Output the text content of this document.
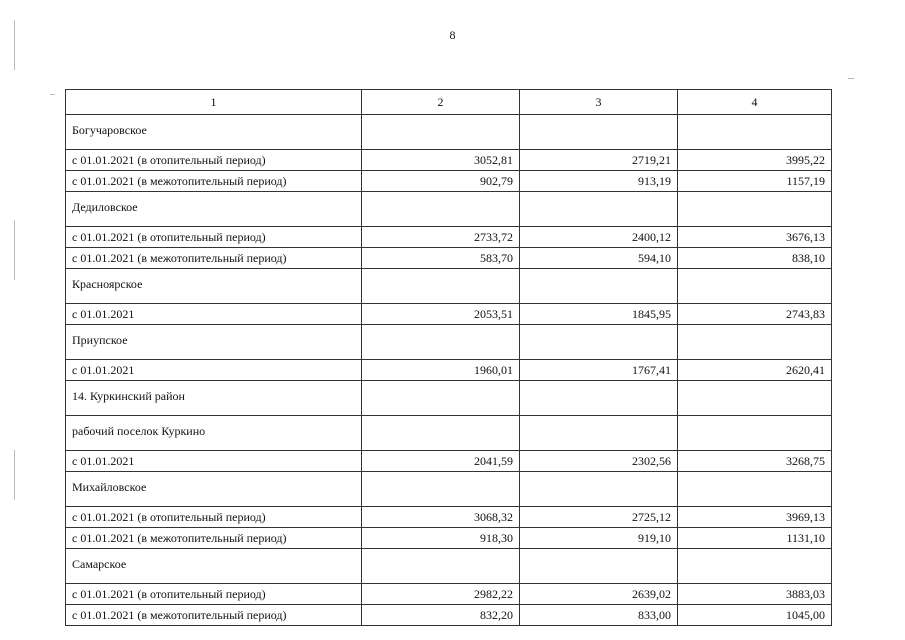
8
1	2	3	4
Богучаровское			
с 01.01.2021 (в отопительный период)	3052,81	2719,21	3995,22
с 01.01.2021 (в межотопительный период)	902,79	913,19	1157,19
Дедиловское			
с 01.01.2021 (в отопительный период)	2733,72	2400,12	3676,13
с 01.01.2021 (в межотопительный период)	583,70	594,10	838,10
Красноярское			
с 01.01.2021	2053,51	1845,95	2743,83
Приупское			
с 01.01.2021	1960,01	1767,41	2620,41
14. Куркинский район			
рабочий поселок Куркино			
с 01.01.2021	2041,59	2302,56	3268,75
Михайловское			
с 01.01.2021 (в отопительный период)	3068,32	2725,12	3969,13
с 01.01.2021 (в межотопительный период)	918,30	919,10	1131,10
Самарское			
с 01.01.2021 (в отопительный период)	2982,22	2639,02	3883,03
с 01.01.2021 (в межотопительный период)	832,20	833,00	1045,00
